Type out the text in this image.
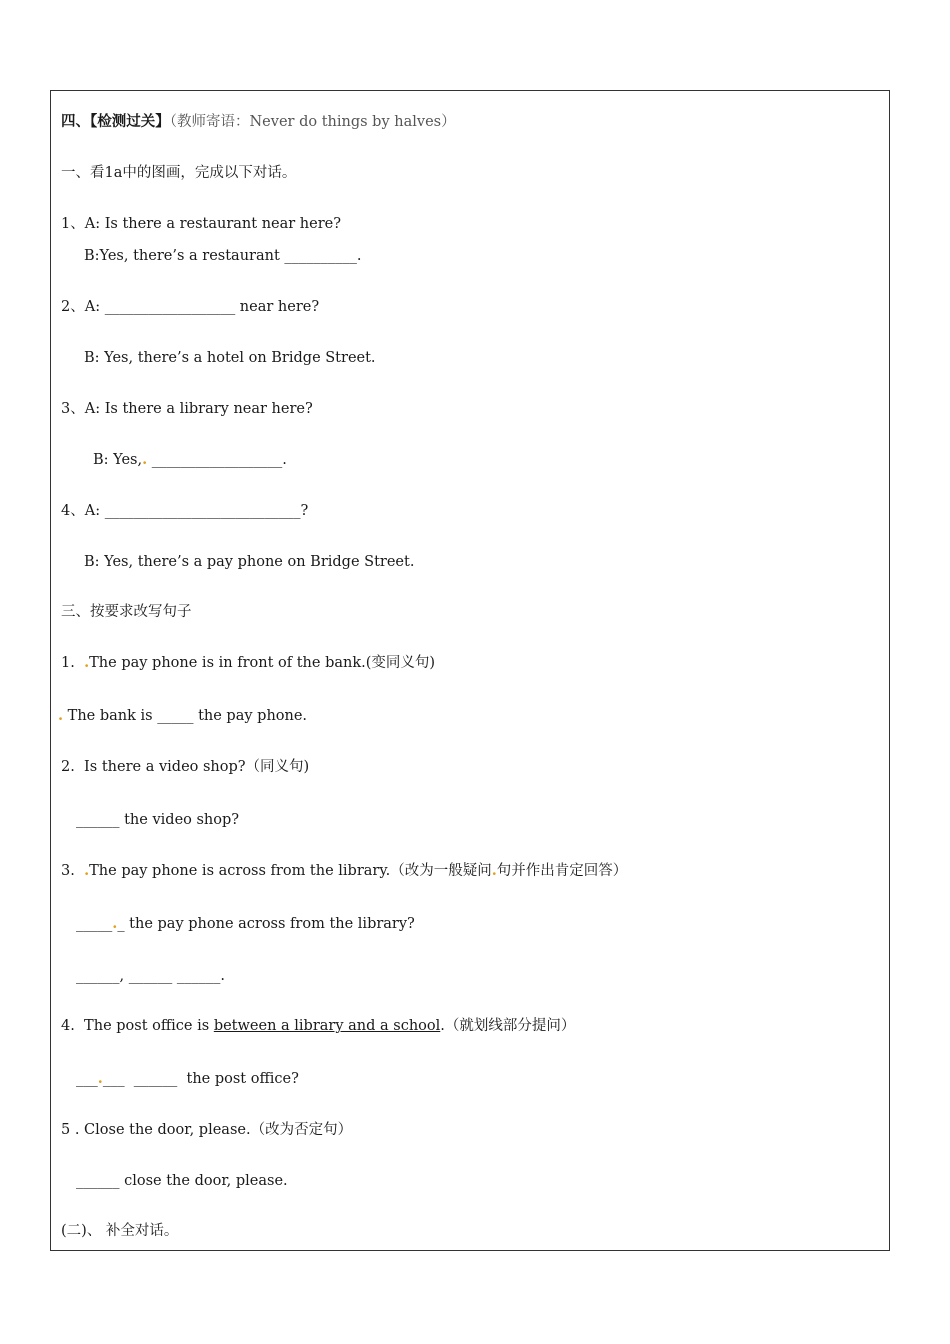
四、【检测过关】（教师寄语：Never do things by halves）
一、看1a中的图画，完成以下对话。
1、A: Is there a restaurant near here?
B:Yes, there’s a restaurant __________.
2、A: __________________ near here?
B: Yes, there’s a hotel on Bridge Street.
3、A: Is there a library near here?
B: Yes,. __________________.
4、A: ___________________________?
B: Yes, there’s a pay phone on Bridge Street.
三、按要求改写句子
1.  .The pay phone is in front of the bank.(变同义句)
. The bank is _____ the pay phone.
2.  Is there a video shop?（同义句)
______ the video shop?
3.  .The pay phone is across from the library.（改为一般疑问.句并作出肯定回答）
_____._ the pay phone across from the library?
______, ______ ______.
4.  The post office is between a library and a school.（就划线部分提问）
___.___  ______  the post office?
5 . Close the door, please.（改为否定句）
______ close the door, please.
(二)、 补全对话。
